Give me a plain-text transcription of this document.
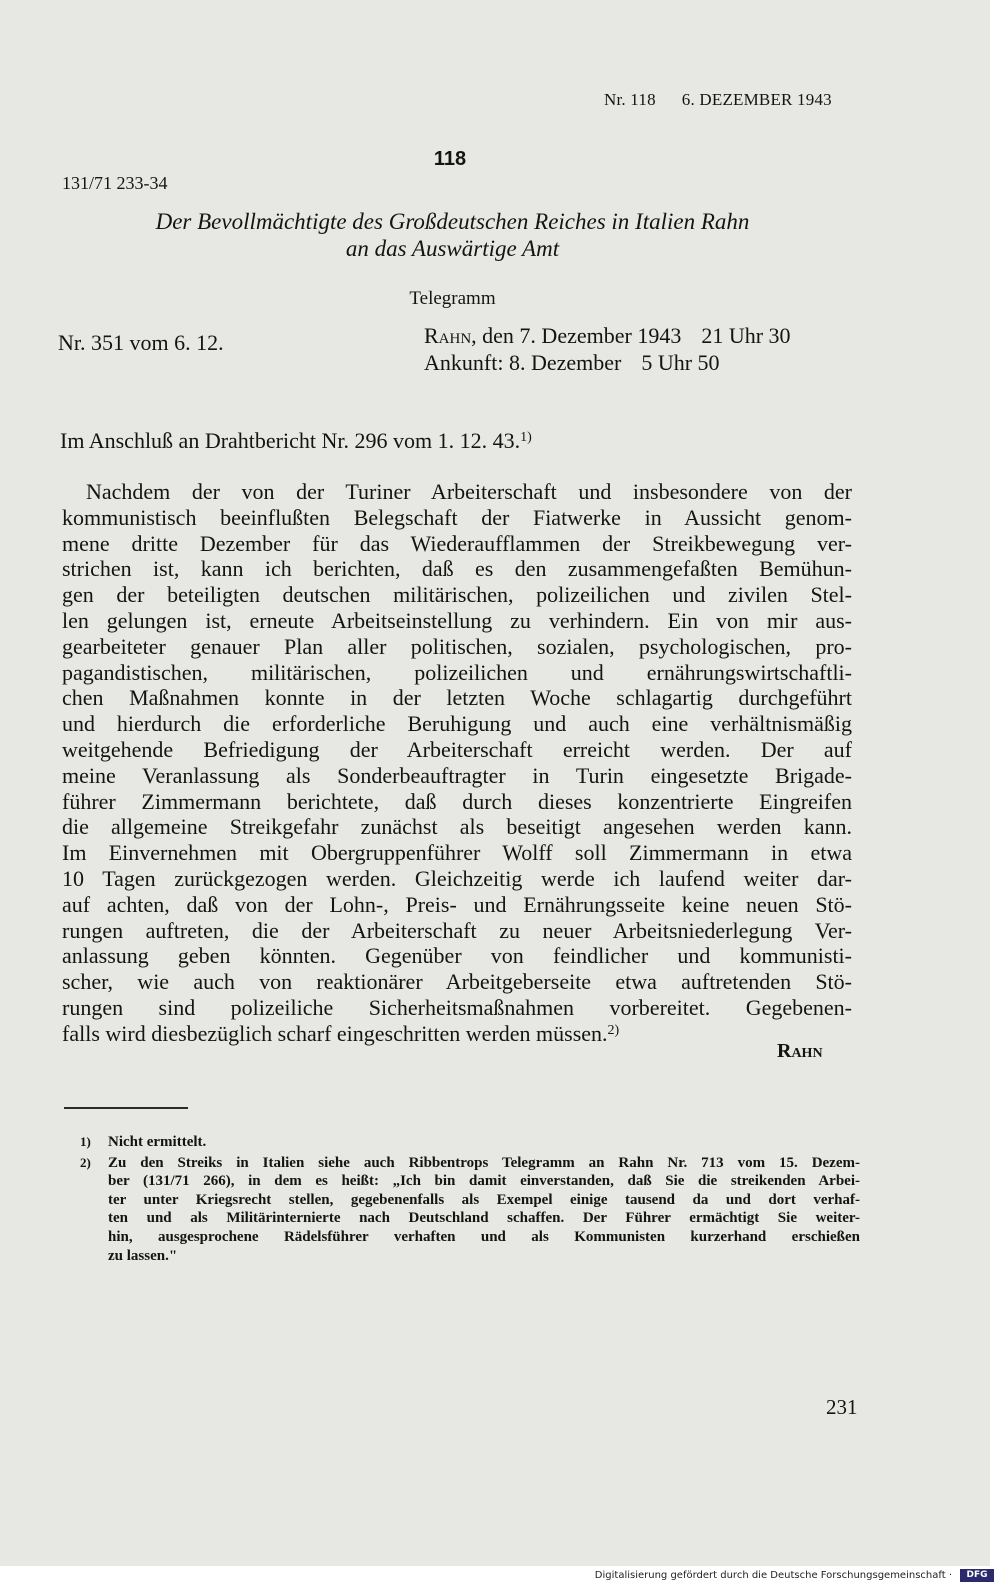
Nr. 118 6. DEZEMBER 1943
118
131/71 233-34
Der Bevollmächtigte des Großdeutschen Reiches in Italien Rahn
an das Auswärtige Amt
Telegramm
Nr. 351 vom 6. 12.	Rahn, den 7. Dezember 1943 21 Uhr 30
Ankunft: 8. Dezember 5 Uhr 50
Im Anschluß an Drahtbericht Nr. 296 vom 1. 12. 43.$^{1)}$
Nachdem der von der Turiner Arbeiterschaft und insbesondere von der
kommunistisch beeinflußten Belegschaft der Fiatwerke in Aussicht genom-
mene dritte Dezember für das Wiederaufflammen der Streikbewegung ver-
strichen ist, kann ich berichten, daß es den zusammengefaßten Bemühun-
gen der beteiligten deutschen militärischen, polizeilichen und zivilen Stel-
len gelungen ist, erneute Arbeitseinstellung zu verhindern. Ein von mir aus-
gearbeiteter genauer Plan aller politischen, sozialen, psychologischen, pro-
pagandistischen, militärischen, polizeilichen und ernährungswirtschaftli-
chen Maßnahmen konnte in der letzten Woche schlagartig durchgeführt
und hierdurch die erforderliche Beruhigung und auch eine verhältnismäßig
weitgehende Befriedigung der Arbeiterschaft erreicht werden. Der auf
meine Veranlassung als Sonderbeauftragter in Turin eingesetzte Brigade-
führer Zimmermann berichtete, daß durch dieses konzentrierte Eingreifen
die allgemeine Streikgefahr zunächst als beseitigt angesehen werden kann.
Im Einvernehmen mit Obergruppenführer Wolff soll Zimmermann in etwa
10 Tagen zurückgezogen werden. Gleichzeitig werde ich laufend weiter dar-
auf achten, daß von der Lohn-, Preis- und Ernährungsseite keine neuen Stö-
rungen auftreten, die der Arbeiterschaft zu neuer Arbeitsniederlegung Ver-
anlassung geben könnten. Gegenüber von feindlicher und kommunisti-
scher, wie auch von reaktionärer Arbeitgeberseite etwa auftretenden Stö-
rungen sind polizeiliche Sicherheitsmaßnahmen vorbereitet. Gegebenen-
falls wird diesbezüglich scharf eingeschritten werden müssen.$^{2)}$
Rahn
1)	Nicht ermittelt.
2)	Zu den Streiks in Italien siehe auch Ribbentrops Telegramm an Rahn Nr. 713 vom 15. Dezem-
ber (131/71 266), in dem es heißt: „Ich bin damit einverstanden, daß Sie die streikenden Arbei-
ter unter Kriegsrecht stellen, gegebenenfalls als Exempel einige tausend da und dort verhaf-
ten und als Militärinternierte nach Deutschland schaffen. Der Führer ermächtigt Sie weiter-
hin, ausgesprochene Rädelsführer verhaften und als Kommunisten kurzerhand erschießen
zu lassen."
231
Digitalisierung gefördert durch die Deutsche Forschungsgemeinschaft ·	DFG
